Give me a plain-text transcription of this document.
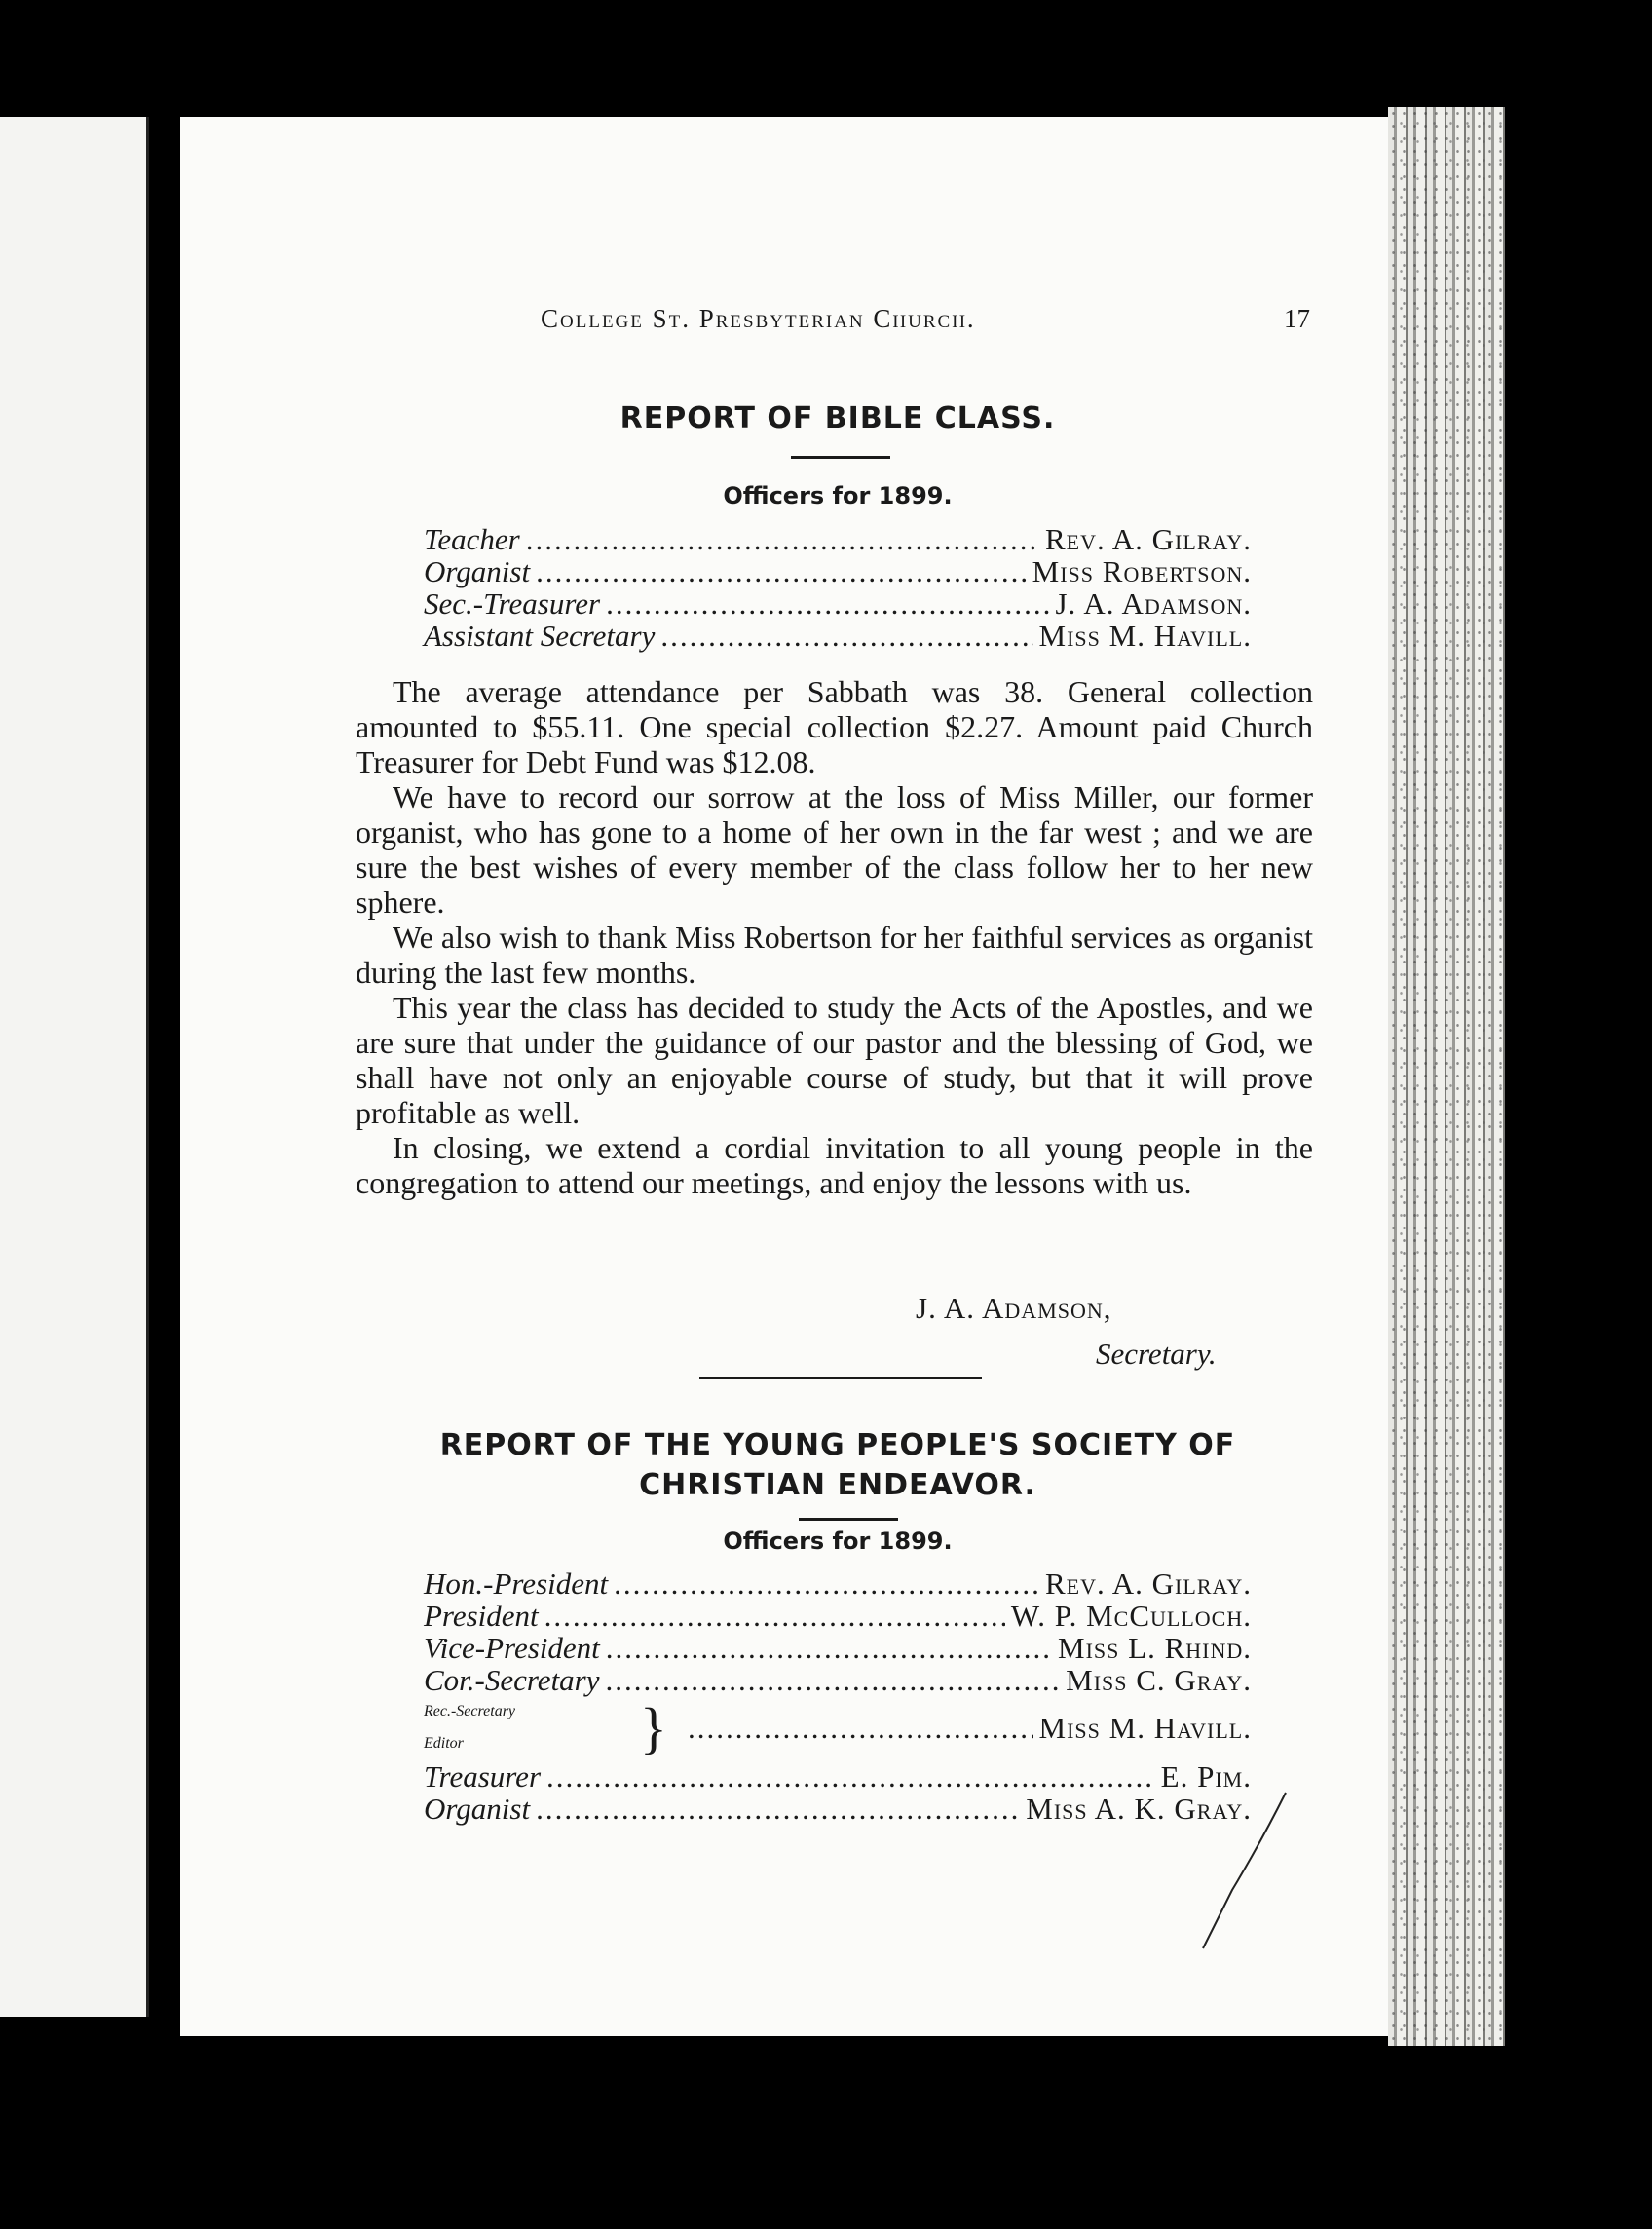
College St. Presbyterian Church.	17
REPORT OF BIBLE CLASS.
Officers for 1899.
Teacher .....	Rev. A. Gilray.
Organist .....	Miss Robertson.
Sec.-Treasurer .....	J. A. Adamson.
Assistant Secretary .....	Miss M. Havill.

The average attendance per Sabbath was 38. General collection amounted to $55.11. One special collection $2.27. Amount paid Church Treasurer for Debt Fund was $12.08.

We have to record our sorrow at the loss of Miss Miller, our former organist, who has gone to a home of her own in the far west ; and we are sure the best wishes of every member of the class follow her to her new sphere.

We also wish to thank Miss Robertson for her faithful services as organist during the last few months.

This year the class has decided to study the Acts of the Apostles, and we are sure that under the guidance of our pastor and the blessing of God, we shall have not only an enjoyable course of study, but that it will prove profitable as well.

In closing, we extend a cordial invitation to all young people in the congregation to attend our meetings, and enjoy the lessons with us.

J. A. Adamson,
Secretary.
REPORT OF THE YOUNG PEOPLE'S SOCIETY OF
CHRISTIAN ENDEAVOR.
Officers for 1899.
Hon.-President .....	Rev. A. Gilray.
President .....	W. P. McCulloch.
Vice-President .....	Miss L. Rhind.
Cor.-Secretary .....	Miss C. Gray.
Rec.-Secretary
Editor	} .....	Miss M. Havill.
Treasurer .....	E. Pim.
Organist .....	Miss A. K. Gray.
